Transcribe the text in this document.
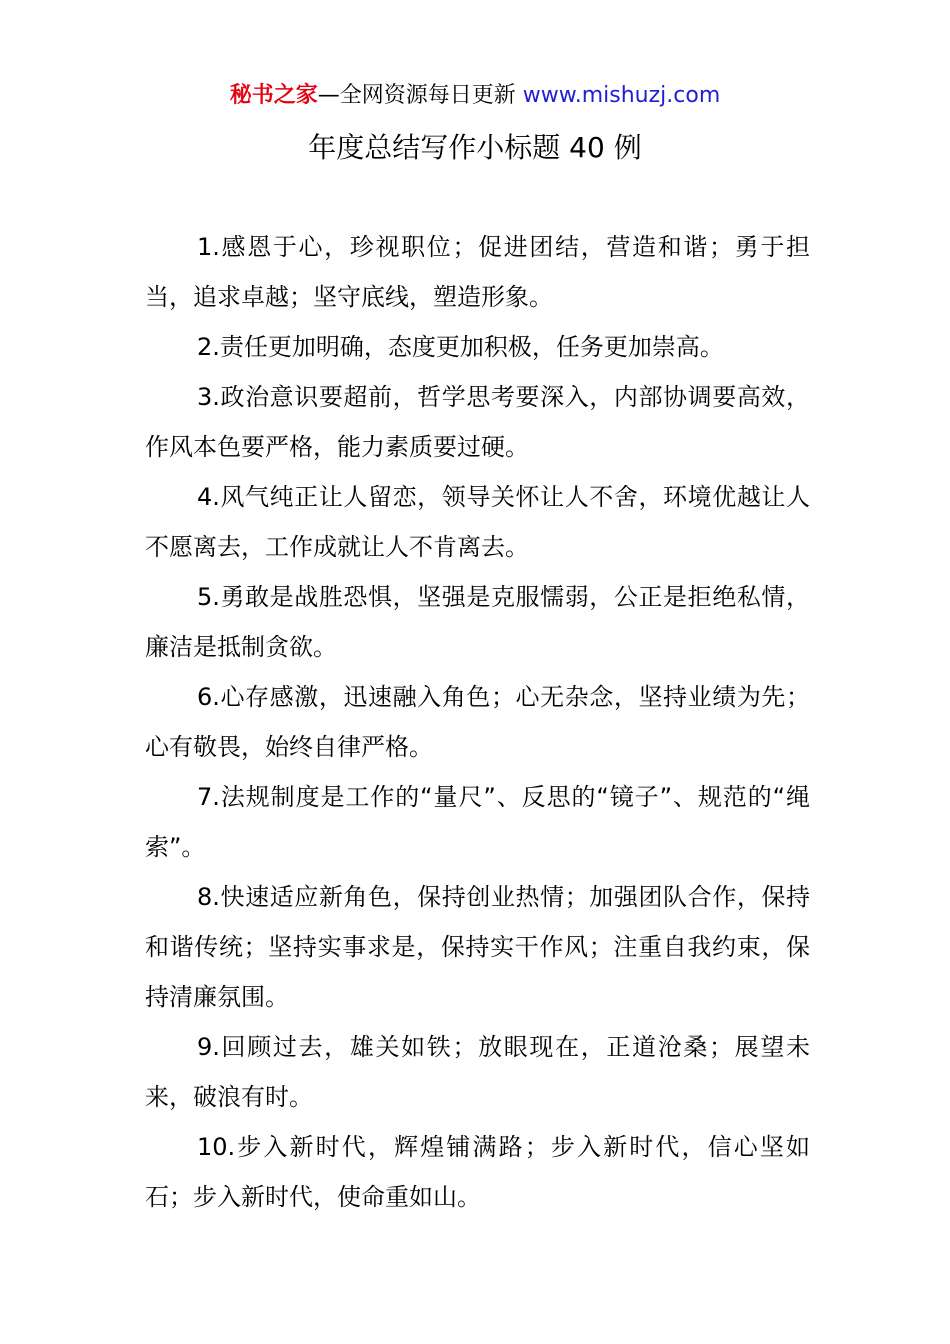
秘书之家—全网资源每日更新 www.mishuzj.com
年度总结写作小标题 40 例

1.感恩于心，珍视职位；促进团结，营造和谐；勇于担当，追求卓越；坚守底线，塑造形象。

2.责任更加明确，态度更加积极，任务更加崇高。

3.政治意识要超前，哲学思考要深入，内部协调要高效，作风本色要严格，能力素质要过硬。

4.风气纯正让人留恋，领导关怀让人不舍，环境优越让人不愿离去，工作成就让人不肯离去。

5.勇敢是战胜恐惧，坚强是克服懦弱，公正是拒绝私情，廉洁是抵制贪欲。

6.心存感激，迅速融入角色；心无杂念，坚持业绩为先；心有敬畏，始终自律严格。

7.法规制度是工作的“量尺”、反思的“镜子”、规范的“绳索”。

8.快速适应新角色，保持创业热情；加强团队合作，保持和谐传统；坚持实事求是，保持实干作风；注重自我约束，保持清廉氛围。

9.回顾过去，雄关如铁；放眼现在，正道沧桑；展望未来，破浪有时。

10.步入新时代，辉煌铺满路；步入新时代，信心坚如石；步入新时代，使命重如山。
